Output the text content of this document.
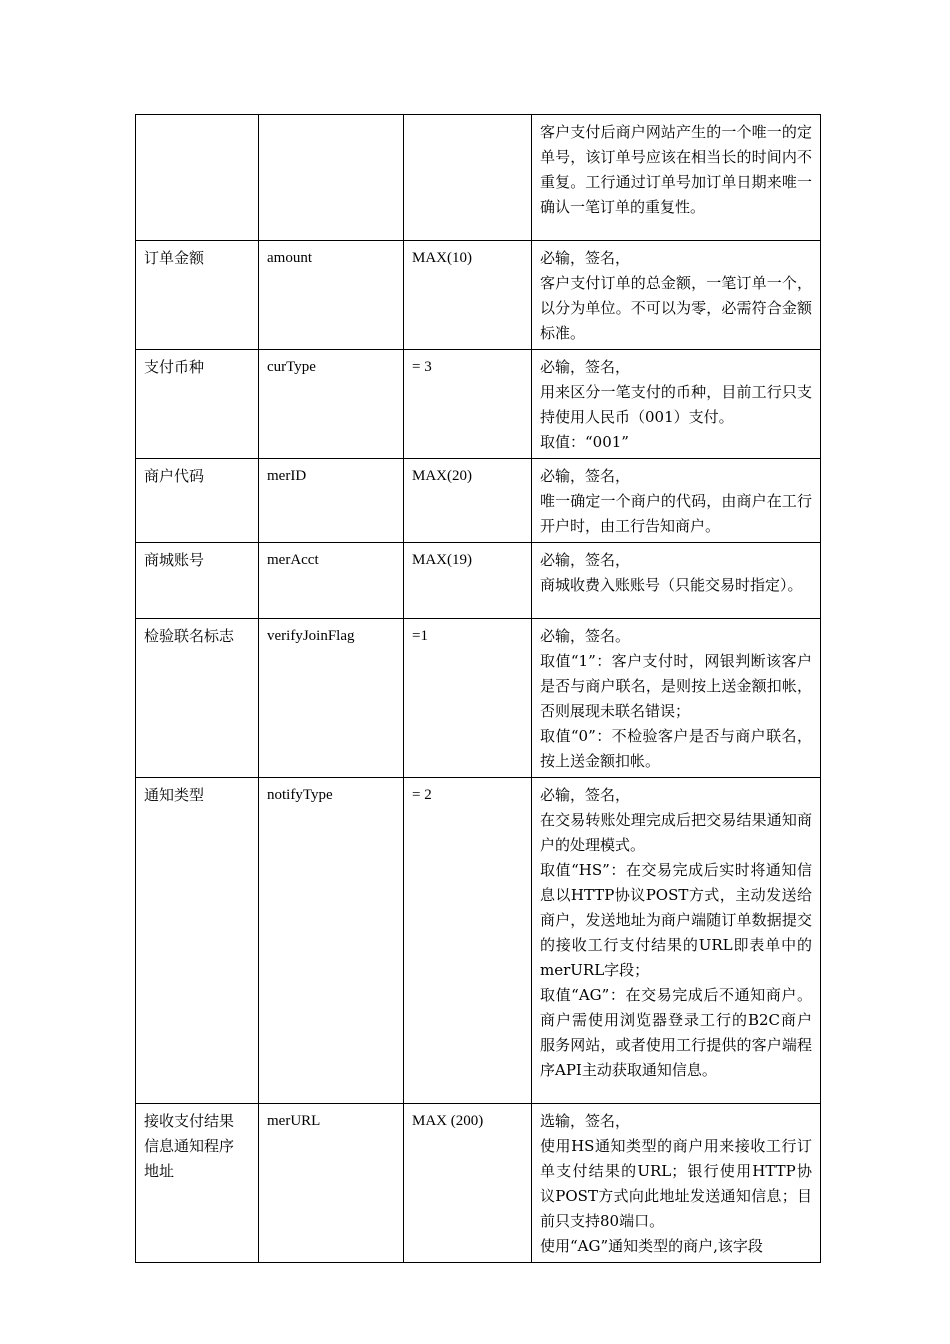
			客户支付后商户网站产生的一个唯一的定单号，该订单号应该在相当长的时间内不重复。工行通过订单号加订单日期来唯一确认一笔订单的重复性。

订单金额	amount	MAX(10)	必输，签名，
客户支付订单的总金额，一笔订单一个，以分为单位。不可以为零，必需符合金额标准。

支付币种	curType	= 3	必输，签名，
用来区分一笔支付的币种，目前工行只支持使用人民币（001）支付。
取值：“001”

商户代码	merID	MAX(20)	必输，签名，
唯一确定一个商户的代码，由商户在工行开户时，由工行告知商户。

商城账号	merAcct	MAX(19)	必输，签名，
商城收费入账账号（只能交易时指定）。

检验联名标志	verifyJoinFlag	=1	必输，签名。
取值“1”：客户支付时，网银判断该客户是否与商户联名，是则按上送金额扣帐，否则展现未联名错误；
取值“0”：不检验客户是否与商户联名，按上送金额扣帐。

通知类型	notifyType	= 2	必输，签名，
在交易转账处理完成后把交易结果通知商户的处理模式。
取值“HS”：在交易完成后实时将通知信息以HTTP协议POST方式，主动发送给商户，发送地址为商户端随订单数据提交的接收工行支付结果的URL即表单中的merURL字段；
取值“AG”：在交易完成后不通知商户。商户需使用浏览器登录工行的B2C商户服务网站，或者使用工行提供的客户端程序API主动获取通知信息。

接收支付结果
信息通知程序
地址	merURL	MAX (200)	选输，签名，
使用HS通知类型的商户用来接收工行订单支付结果的URL；银行使用HTTP协议POST方式向此地址发送通知信息；目前只支持80端口。
使用“AG”通知类型的商户,该字段
